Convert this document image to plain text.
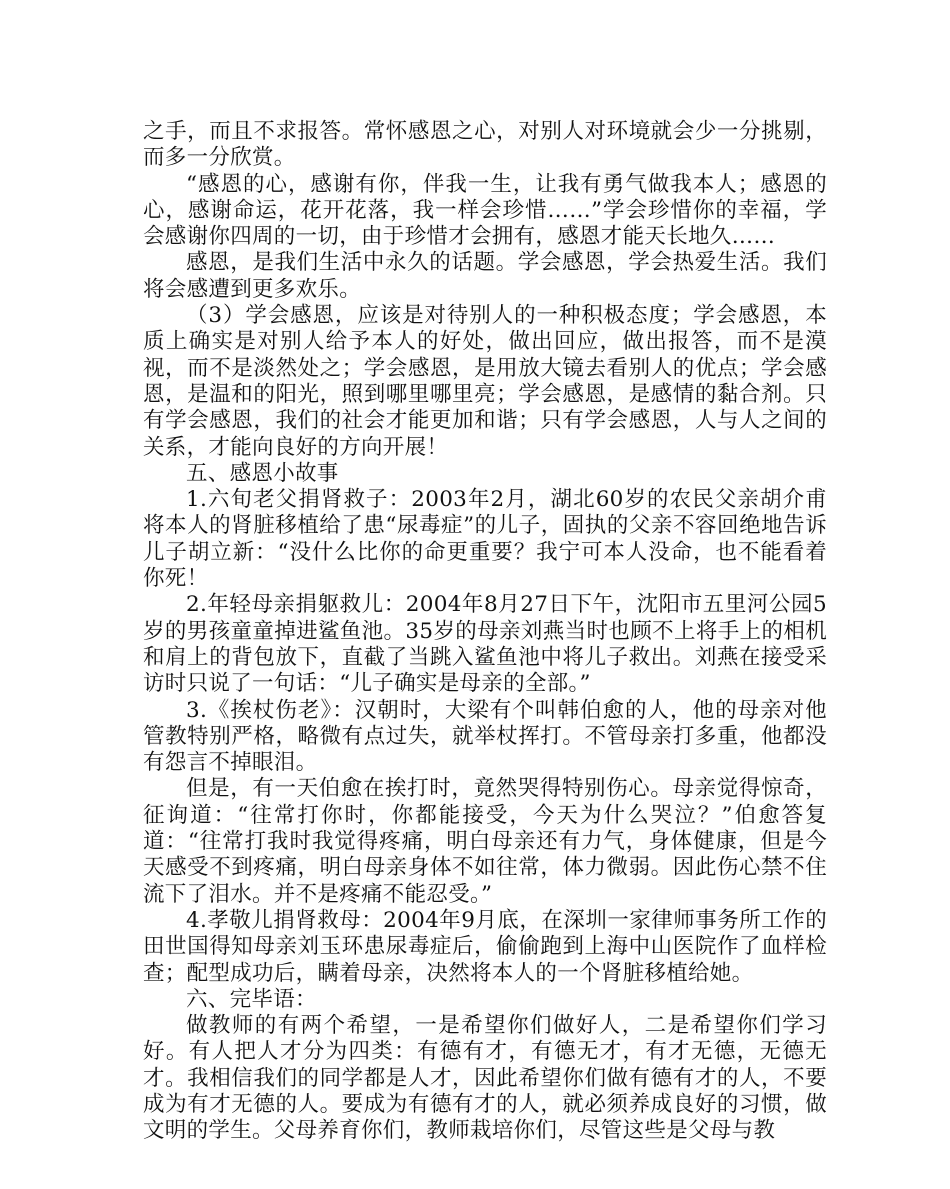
之手，而且不求报答。常怀感恩之心，对别人对环境就会少一分挑剔，而多一分欣赏。

“感恩的心，感谢有你，伴我一生，让我有勇气做我本人；感恩的心，感谢命运，花开花落，我一样会珍惜……”学会珍惜你的幸福，学会感谢你四周的一切，由于珍惜才会拥有，感恩才能天长地久……

感恩，是我们生活中永久的话题。学会感恩，学会热爱生活。我们将会感遭到更多欢乐。

（3）学会感恩，应该是对待别人的一种积极态度；学会感恩，本质上确实是对别人给予本人的好处，做出回应，做出报答，而不是漠视，而不是淡然处之；学会感恩，是用放大镜去看别人的优点；学会感恩，是温和的阳光，照到哪里哪里亮；学会感恩，是感情的黏合剂。只有学会感恩，我们的社会才能更加和谐；只有学会感恩，人与人之间的关系，才能向良好的方向开展！

五、感恩小故事

1.六旬老父捐肾救子：2003年2月，湖北60岁的农民父亲胡介甫将本人的肾脏移植给了患“尿毒症”的儿子，固执的父亲不容回绝地告诉儿子胡立新：“没什么比你的命更重要？我宁可本人没命，也不能看着你死！

2.年轻母亲捐躯救儿：2004年8月27日下午，沈阳市五里河公园5岁的男孩童童掉进鲨鱼池。35岁的母亲刘燕当时也顾不上将手上的相机和肩上的背包放下，直截了当跳入鲨鱼池中将儿子救出。刘燕在接受采访时只说了一句话：“儿子确实是母亲的全部。”

3.《挨杖伤老》：汉朝时，大梁有个叫韩伯愈的人，他的母亲对他管教特别严格，略微有点过失，就举杖挥打。不管母亲打多重，他都没有怨言不掉眼泪。

但是，有一天伯愈在挨打时，竟然哭得特别伤心。母亲觉得惊奇，征询道：“往常打你时，你都能接受，今天为什么哭泣？”伯愈答复道：“往常打我时我觉得疼痛，明白母亲还有力气，身体健康，但是今天感受不到疼痛，明白母亲身体不如往常，体力微弱。因此伤心禁不住流下了泪水。并不是疼痛不能忍受。”

4.孝敬儿捐肾救母：2004年9月底，在深圳一家律师事务所工作的田世国得知母亲刘玉环患尿毒症后，偷偷跑到上海中山医院作了血样检查；配型成功后，瞒着母亲，决然将本人的一个肾脏移植给她。

六、完毕语：

做教师的有两个希望，一是希望你们做好人，二是希望你们学习好。有人把人才分为四类：有德有才，有德无才，有才无德，无德无才。我相信我们的同学都是人才，因此希望你们做有德有才的人，不要成为有才无德的人。要成为有德有才的人，就必须养成良好的习惯，做文明的学生。父母养育你们，教师栽培你们，尽管这些是父母与教
